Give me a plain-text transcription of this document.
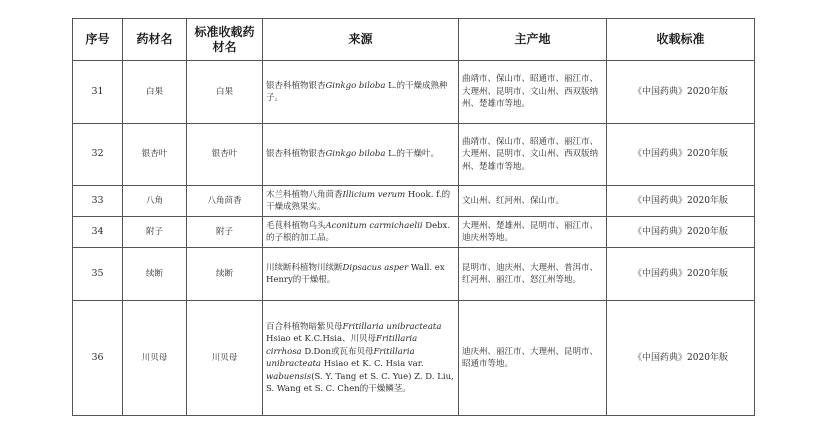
序号	药材名	标准收载药材名	来源	主产地	收载标准
31	白果	白果	银杏科植物银杏Ginkgo biloba L.的干燥成熟种子。	曲靖市、保山市、昭通市、丽江市、大理州、昆明市、文山州、西双版纳州、楚雄市等地。	《中国药典》2020年版
32	银杏叶	银杏叶	银杏科植物银杏Ginkgo biloba L.的干燥叶。	曲靖市、保山市、昭通市、丽江市、大理州、昆明市、文山州、西双版纳州、楚雄市等地。	《中国药典》2020年版
33	八角	八角茴香	木兰科植物八角茴香Illicium verum Hook. f.的干燥成熟果实。	文山州、红河州、保山市。	《中国药典》2020年版
34	附子	附子	毛茛科植物乌头Aconitum carmichaelii Debx.的子根的加工品。	大理州、楚雄州、昆明市、丽江市、迪庆州等地。	《中国药典》2020年版
35	续断	续断	川续断科植物川续断Dipsacus asper Wall. ex Henry的干燥根。	昆明市、迪庆州、大理州、普洱市、红河州、丽江市、怒江州等地。	《中国药典》2020年版
36	川贝母	川贝母	百合科植物暗紫贝母Fritillaria unibracteata Hsiao et K.C.Hsia、川贝母Fritillaria cirrhosa D.Don或瓦布贝母Fritillaria unibracteata Hsiao et K. C. Hsia var. wabuensis(S. Y. Tang et S. C. Yue) Z. D. Liu, S. Wang et S. C. Chen的干燥鳞茎。	迪庆州、丽江市、大理州、昆明市、昭通市等地。	《中国药典》2020年版
